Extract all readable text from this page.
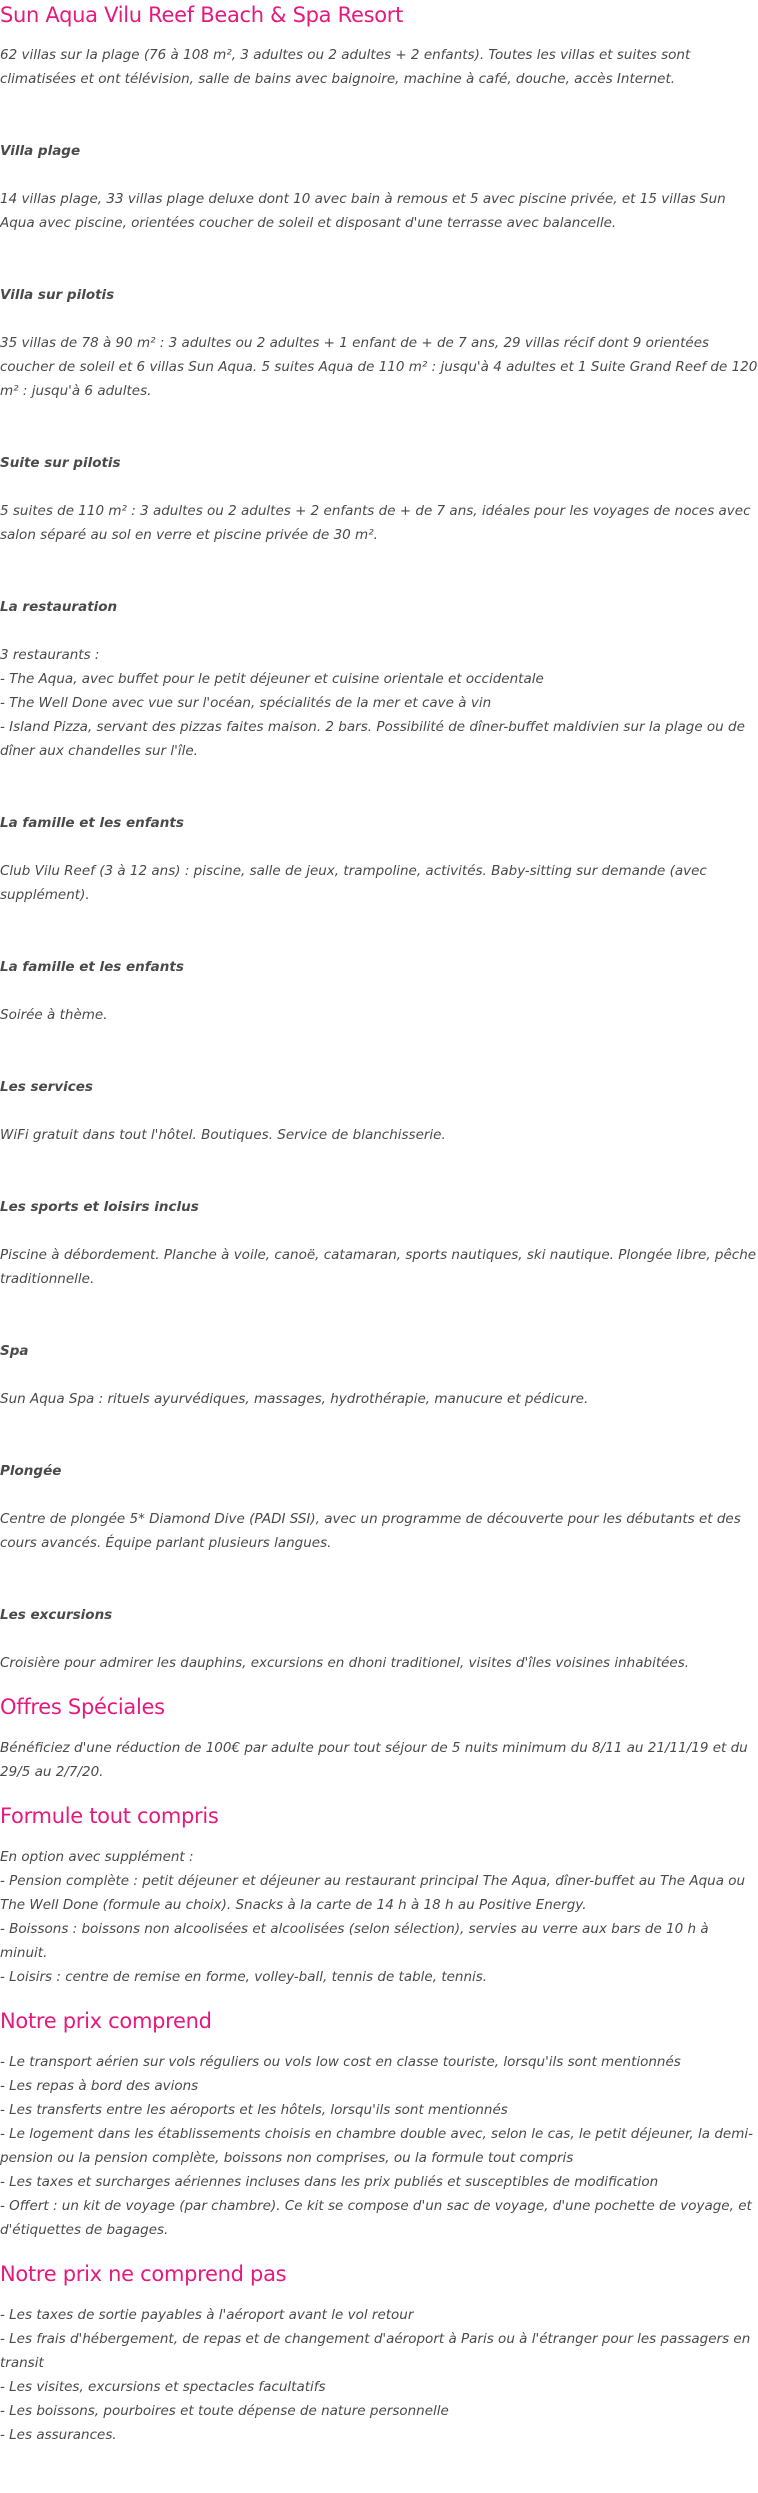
Sun Aqua Vilu Reef Beach & Spa Resort

62 villas sur la plage (76 à 108 m², 3 adultes ou 2 adultes + 2 enfants). Toutes les villas et suites sont climatisées et ont télévision, salle de bains avec baignoire, machine à café, douche, accès Internet.

Villa plage

14 villas plage, 33 villas plage deluxe dont 10 avec bain à remous et 5 avec piscine privée, et 15 villas Sun Aqua avec piscine, orientées coucher de soleil et disposant d'une terrasse avec balancelle.

Villa sur pilotis

35 villas de 78 à 90 m² : 3 adultes ou 2 adultes + 1 enfant de + de 7 ans, 29 villas récif dont 9 orientées coucher de soleil et 6 villas Sun Aqua. 5 suites Aqua de 110 m² : jusqu'à 4 adultes et 1 Suite Grand Reef de 120 m² : jusqu'à 6 adultes.

Suite sur pilotis

5 suites de 110 m² : 3 adultes ou 2 adultes + 2 enfants de + de 7 ans, idéales pour les voyages de noces avec salon séparé au sol en verre et piscine privée de 30 m².

La restauration

3 restaurants :

- The Aqua, avec buffet pour le petit déjeuner et cuisine orientale et occidentale

- The Well Done avec vue sur l'océan, spécialités de la mer et cave à vin

- Island Pizza, servant des pizzas faites maison. 2 bars. Possibilité de dîner-buffet maldivien sur la plage ou de dîner aux chandelles sur l'île.

La famille et les enfants

Club Vilu Reef (3 à 12 ans) : piscine, salle de jeux, trampoline, activités. Baby-sitting sur demande (avec supplément).

La famille et les enfants

Soirée à thème.

Les services

WiFi gratuit dans tout l'hôtel. Boutiques. Service de blanchisserie.

Les sports et loisirs inclus

Piscine à débordement. Planche à voile, canoë, catamaran, sports nautiques, ski nautique. Plongée libre, pêche traditionnelle.

Spa

Sun Aqua Spa : rituels ayurvédiques, massages, hydrothérapie, manucure et pédicure.

Plongée

Centre de plongée 5* Diamond Dive (PADI SSI), avec un programme de découverte pour les débutants et des cours avancés. Équipe parlant plusieurs langues.

Les excursions

Croisière pour admirer les dauphins, excursions en dhoni traditionel, visites d'îles voisines inhabitées.

Offres Spéciales

Bénéficiez d'une réduction de 100€ par adulte pour tout séjour de 5 nuits minimum du 8/11 au 21/11/19 et du 29/5 au 2/7/20.

Formule tout compris

En option avec supplément :

- Pension complète : petit déjeuner et déjeuner au restaurant principal The Aqua, dîner-buffet au The Aqua ou The Well Done (formule au choix). Snacks à la carte de 14 h à 18 h au Positive Energy.

- Boissons : boissons non alcoolisées et alcoolisées (selon sélection), servies au verre aux bars de 10 h à minuit.

- Loisirs : centre de remise en forme, volley-ball, tennis de table, tennis.

Notre prix comprend

- Le transport aérien sur vols réguliers ou vols low cost en classe touriste, lorsqu'ils sont mentionnés

- Les repas à bord des avions

- Les transferts entre les aéroports et les hôtels, lorsqu'ils sont mentionnés

- Le logement dans les établissements choisis en chambre double avec, selon le cas, le petit déjeuner, la demi-pension ou la pension complète, boissons non comprises, ou la formule tout compris

- Les taxes et surcharges aériennes incluses dans les prix publiés et susceptibles de modification

- Offert : un kit de voyage (par chambre). Ce kit se compose d'un sac de voyage, d'une pochette de voyage, et d'étiquettes de bagages.

Notre prix ne comprend pas

- Les taxes de sortie payables à l'aéroport avant le vol retour

- Les frais d'hébergement, de repas et de changement d'aéroport à Paris ou à l'étranger pour les passagers en transit

- Les visites, excursions et spectacles facultatifs

- Les boissons, pourboires et toute dépense de nature personnelle

- Les assurances.
